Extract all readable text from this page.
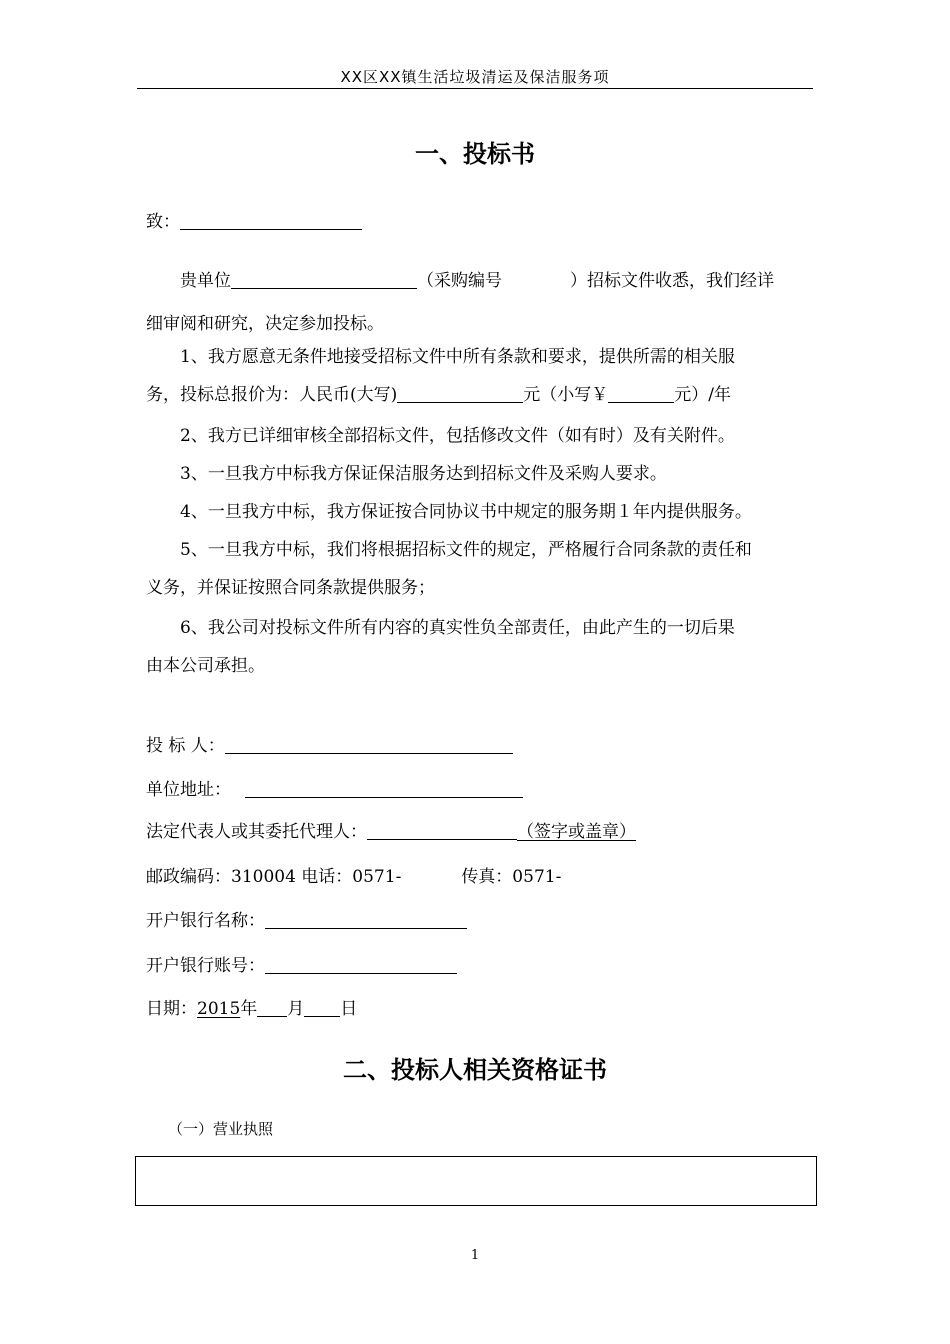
XX区XX镇生活垃圾清运及保洁服务项
一、投标书
致：
贵单位	（采购编号	）招标文件收悉，我们经详
细审阅和研究，决定参加投标。
1、我方愿意无条件地接受招标文件中所有条款和要求，提供所需的相关服
务，投标总报价为：人民币(大写)	元（小写￥	元）/年
2、我方已详细审核全部招标文件，包括修改文件（如有时）及有关附件。
3、一旦我方中标我方保证保洁服务达到招标文件及采购人要求。
4、一旦我方中标，我方保证按合同协议书中规定的服务期１年内提供服务。
5、一旦我方中标，我们将根据招标文件的规定，严格履行合同条款的责任和
义务，并保证按照合同条款提供服务；
6、我公司对投标文件所有内容的真实性负全部责任，由此产生的一切后果
由本公司承担。
投 标 人：
单位地址：
法定代表人或其委托代理人：	（签字或盖章）
邮政编码：310004 电话：0571-	传真：0571-
开户银行名称：
开户银行账号：
日期：2015年 月 日
二、投标人相关资格证书
（一）营业执照
1
